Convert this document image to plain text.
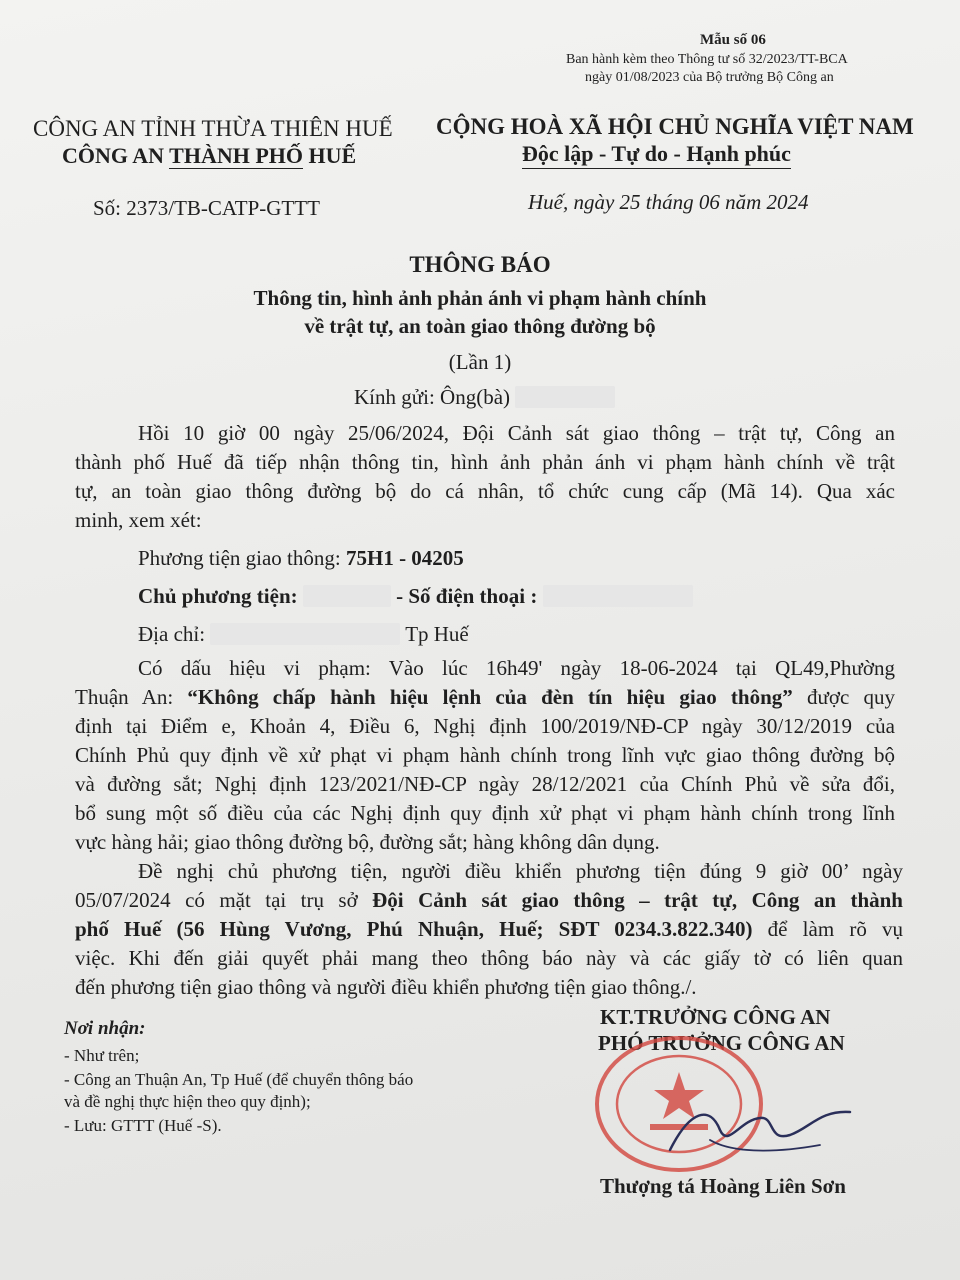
Mẫu số 06
Ban hành kèm theo Thông tư số 32/2023/TT-BCA
ngày 01/08/2023 của Bộ trưởng Bộ Công an
CÔNG AN TỈNH THỪA THIÊN HUẾ
CÔNG AN THÀNH PHỐ HUẾ
CỘNG HOÀ XÃ HỘI CHỦ NGHĨA VIỆT NAM
Độc lập - Tự do - Hạnh phúc
Số: 2373/TB-CATP-GTTT	Huế, ngày 25 tháng 06 năm 2024
THÔNG BÁO
Thông tin, hình ảnh phản ánh vi phạm hành chính
về trật tự, an toàn giao thông đường bộ
(Lần 1)
Kính gửi: Ông(bà)
Hồi 10 giờ 00 ngày 25/06/2024, Đội Cảnh sát giao thông – trật tự, Công an
thành phố Huế đã tiếp nhận thông tin, hình ảnh phản ánh vi phạm hành chính về trật
tự, an toàn giao thông đường bộ do cá nhân, tổ chức cung cấp (Mã 14). Qua xác
minh, xem xét:
Phương tiện giao thông: 75H1 - 04205
Chủ phương tiện:	- Số điện thoại :
Địa chỉ:	Tp Huế
Có dấu hiệu vi phạm: Vào lúc 16h49' ngày 18-06-2024 tại QL49,Phường
Thuận An: “Không chấp hành hiệu lệnh của đèn tín hiệu giao thông” được quy
định tại Điểm e, Khoản 4, Điều 6, Nghị định 100/2019/NĐ-CP ngày 30/12/2019 của
Chính Phủ quy định về xử phạt vi phạm hành chính trong lĩnh vực giao thông đường bộ
và đường sắt; Nghị định 123/2021/NĐ-CP ngày 28/12/2021 của Chính Phủ về sửa đổi,
bổ sung một số điều của các Nghị định quy định xử phạt vi phạm hành chính trong lĩnh
vực hàng hải; giao thông đường bộ, đường sắt; hàng không dân dụng.
Đề nghị chủ phương tiện, người điều khiển phương tiện đúng 9 giờ 00’ ngày
05/07/2024 có mặt tại trụ sở Đội Cảnh sát giao thông – trật tự, Công an thành
phố Huế (56 Hùng Vương, Phú Nhuận, Huế; SĐT 0234.3.822.340) để làm rõ vụ
việc. Khi đến giải quyết phải mang theo thông báo này và các giấy tờ có liên quan
đến phương tiện giao thông và người điều khiển phương tiện giao thông./.
Nơi nhận:
- Như trên;
- Công an Thuận An, Tp Huế (để chuyển thông báo
và đề nghị thực hiện theo quy định);
- Lưu: GTTT (Huế -S).
KT.TRƯỞNG CÔNG AN
PHÓ TRƯỞNG CÔNG AN
Thượng tá Hoàng Liên Sơn
